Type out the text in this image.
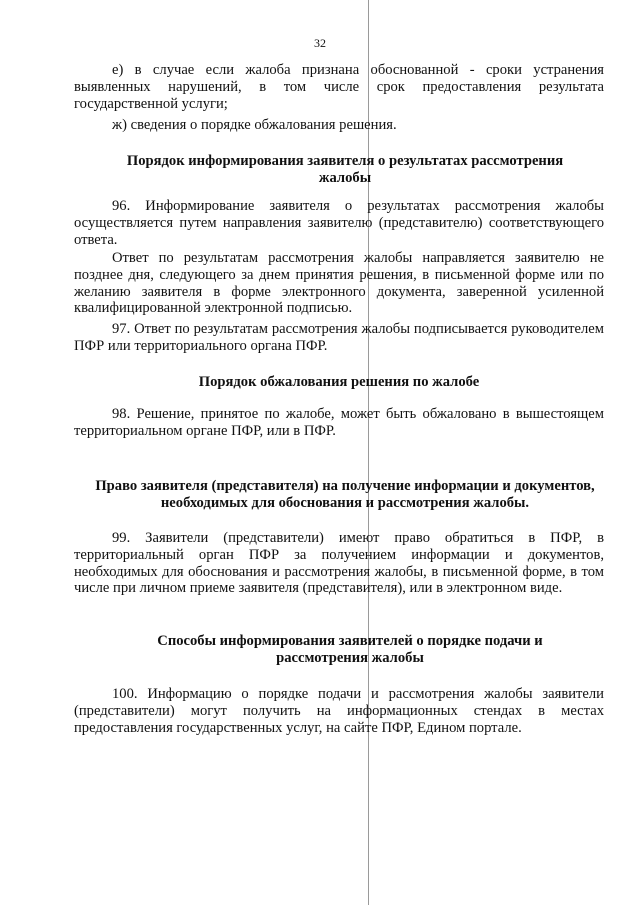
32
е) в случае если жалоба признана обоснованной - сроки устранения выявленных нарушений, в том числе срок предоставления результата государственной услуги;
ж) сведения о порядке обжалования решения.
Порядок информирования заявителя о результатах рассмотрения жалобы
96. Информирование заявителя о результатах рассмотрения жалобы осуществляется путем направления заявителю (представителю) соответствующего ответа.
Ответ по результатам рассмотрения жалобы направляется заявителю не позднее дня, следующего за днем принятия решения, в письменной форме или по желанию заявителя в форме электронного документа, заверенной усиленной квалифицированной электронной подписью.
97. Ответ по результатам рассмотрения жалобы подписывается руководителем ПФР или территориального органа ПФР.
Порядок обжалования решения по жалобе
98. Решение, принятое по жалобе, может быть обжаловано в вышестоящем территориальном органе ПФР, или в ПФР.
Право заявителя (представителя) на получение информации и документов, необходимых для обоснования и рассмотрения жалобы.
99. Заявители (представители) имеют право обратиться в ПФР, в территориальный орган ПФР за получением информации и документов, необходимых для обоснования и рассмотрения жалобы, в письменной форме, в том числе при личном приеме заявителя (представителя), или в электронном виде.
Способы информирования заявителей о порядке подачи и рассмотрения жалобы
100. Информацию о порядке подачи и рассмотрения жалобы заявители (представители) могут получить на информационных стендах в местах предоставления государственных услуг, на сайте ПФР, Едином портале.
